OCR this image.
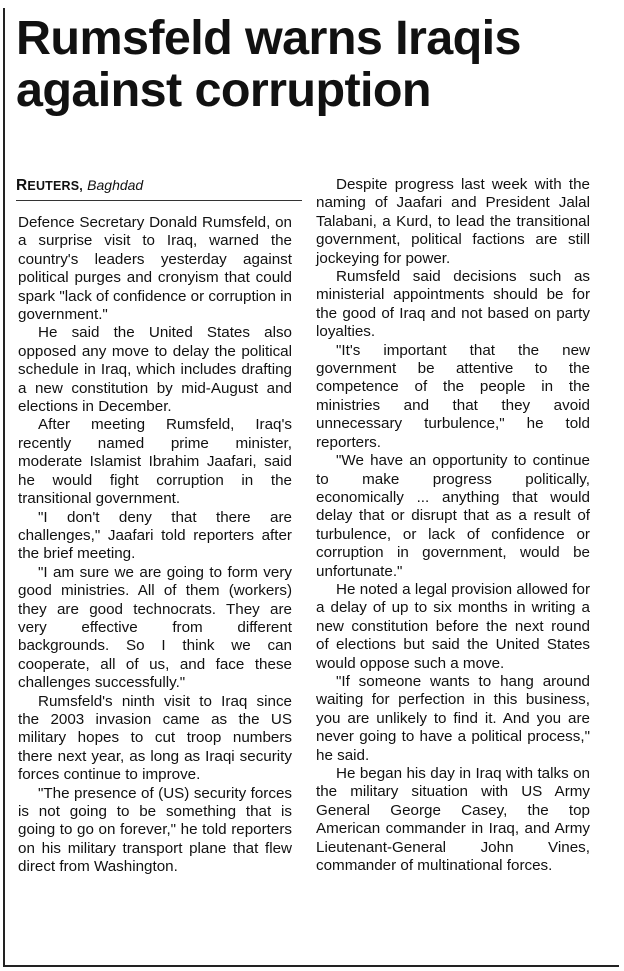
Rumsfeld warns Iraqis against corruption
REUTERS, Baghdad

Defence Secretary Donald Rumsfeld, on a surprise visit to Iraq, warned the country's leaders yesterday against political purges and cronyism that could spark "lack of confidence or corruption in government."

He said the United States also opposed any move to delay the political schedule in Iraq, which includes drafting a new constitution by mid-August and elections in December.

After meeting Rumsfeld, Iraq's recently named prime minister, moderate Islamist Ibrahim Jaafari, said he would fight corruption in the transitional government.

"I don't deny that there are challenges," Jaafari told reporters after the brief meeting.

"I am sure we are going to form very good ministries. All of them (workers) they are good technocrats. They are very effective from different backgrounds. So I think we can cooperate, all of us, and face these challenges successfully."

Rumsfeld's ninth visit to Iraq since the 2003 invasion came as the US military hopes to cut troop numbers there next year, as long as Iraqi security forces continue to improve.

"The presence of (US) security forces is not going to be something that is going to go on forever," he told reporters on his military transport plane that flew direct from Washington.

Despite progress last week with the naming of Jaafari and President Jalal Talabani, a Kurd, to lead the transitional government, political factions are still jockeying for power.

Rumsfeld said decisions such as ministerial appointments should be for the good of Iraq and not based on party loyalties.

"It's important that the new government be attentive to the competence of the people in the ministries and that they avoid unnecessary turbulence," he told reporters.

"We have an opportunity to continue to make progress politically, economically ... anything that would delay that or disrupt that as a result of turbulence, or lack of confidence or corruption in government, would be unfortunate."

He noted a legal provision allowed for a delay of up to six months in writing a new constitution before the next round of elections but said the United States would oppose such a move.

"If someone wants to hang around waiting for perfection in this business, you are unlikely to find it. And you are never going to have a political process," he said.

He began his day in Iraq with talks on the military situation with US Army General George Casey, the top American commander in Iraq, and Army Lieutenant-General John Vines, commander of multinational forces.
